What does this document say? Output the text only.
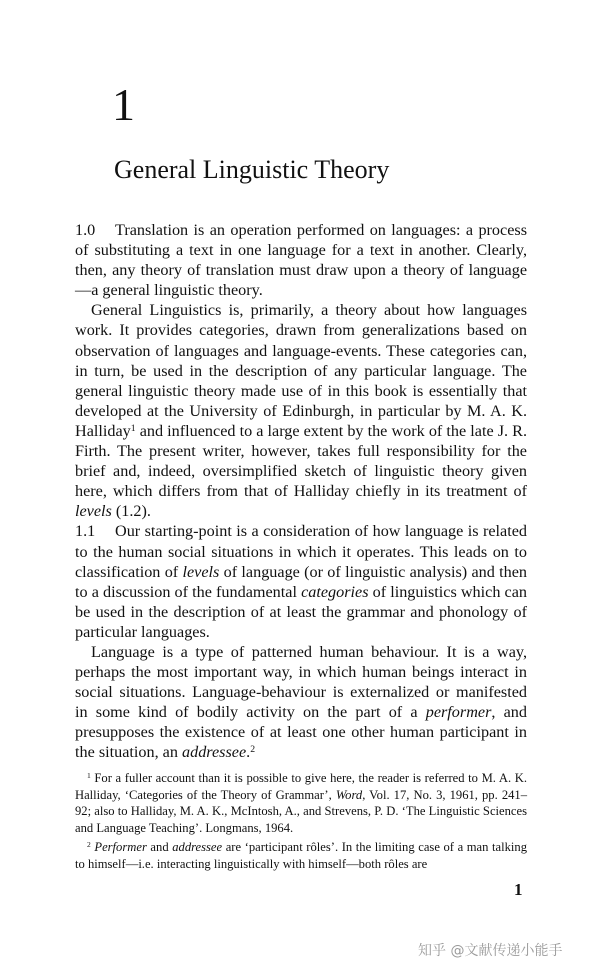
1
General Linguistic Theory

1.0 Translation is an operation performed on languages: a process of substituting a text in one language for a text in another. Clearly, then, any theory of translation must draw upon a theory of language—a general linguistic theory.

General Linguistics is, primarily, a theory about how languages work. It provides categories, drawn from generalizations based on observation of languages and language-events. These categories can, in turn, be used in the description of any particular language. The general linguistic theory made use of in this book is essentially that developed at the University of Edinburgh, in particular by M. A. K. Halliday$^1$ and influenced to a large extent by the work of the late J. R. Firth. The present writer, however, takes full responsibility for the brief and, indeed, oversimplified sketch of linguistic theory given here, which differs from that of Halliday chiefly in its treatment of levels (1.2).

1.1 Our starting-point is a consideration of how language is related to the human social situations in which it operates. This leads on to classification of levels of language (or of linguistic analysis) and then to a discussion of the fundamental categories of linguistics which can be used in the description of at least the grammar and phonology of particular languages.

Language is a type of patterned human behaviour. It is a way, perhaps the most important way, in which human beings interact in social situations. Language-behaviour is externalized or manifested in some kind of bodily activity on the part of a performer, and presupposes the existence of at least one other human participant in the situation, an addressee.$^2$

$^1$ For a fuller account than it is possible to give here, the reader is referred to M. A. K. Halliday, ‘Categories of the Theory of Grammar’, Word, Vol. 17, No. 3, 1961, pp. 241–92; also to Halliday, M. A. K., McIntosh, A., and Strevens, P. D. ‘The Linguistic Sciences and Language Teaching’. Longmans, 1964.

$^2$ Performer and addressee are ‘participant rôles’. In the limiting case of a man talking to himself—i.e. interacting linguistically with himself—both rôles are

1
知乎 @文献传递小能手
